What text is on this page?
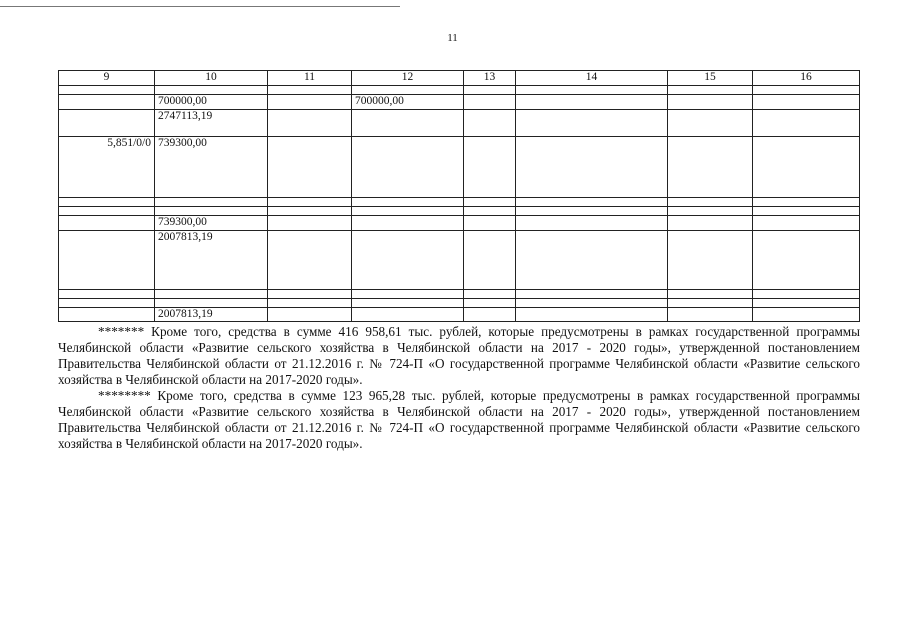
11
9	10	11	12	13	14	15	16

	700000,00		700000,00				
	2747113,19						
5,851/0/0	739300,00						

	739300,00						
	2007813,19						

	2007813,19						

******* Кроме того, средства в сумме 416 958,61 тыс. рублей, которые предусмотрены в рамках государственной программы Челябинской области «Развитие сельского хозяйства в Челябинской области на 2017 - 2020 годы», утвержденной постановлением Правительства Челябинской области от 21.12.2016 г. № 724-П «О государственной программе Челябинской области «Развитие сельского хозяйства в Челябинской области на 2017-2020 годы».

******** Кроме того, средства в сумме 123 965,28 тыс. рублей, которые предусмотрены в рамках государственной программы Челябинской области «Развитие сельского хозяйства в Челябинской области на 2017 - 2020 годы», утвержденной постановлением Правительства Челябинской области от 21.12.2016 г. № 724-П «О государственной программе Челябинской области «Развитие сельского хозяйства в Челябинской области на 2017-2020 годы».
